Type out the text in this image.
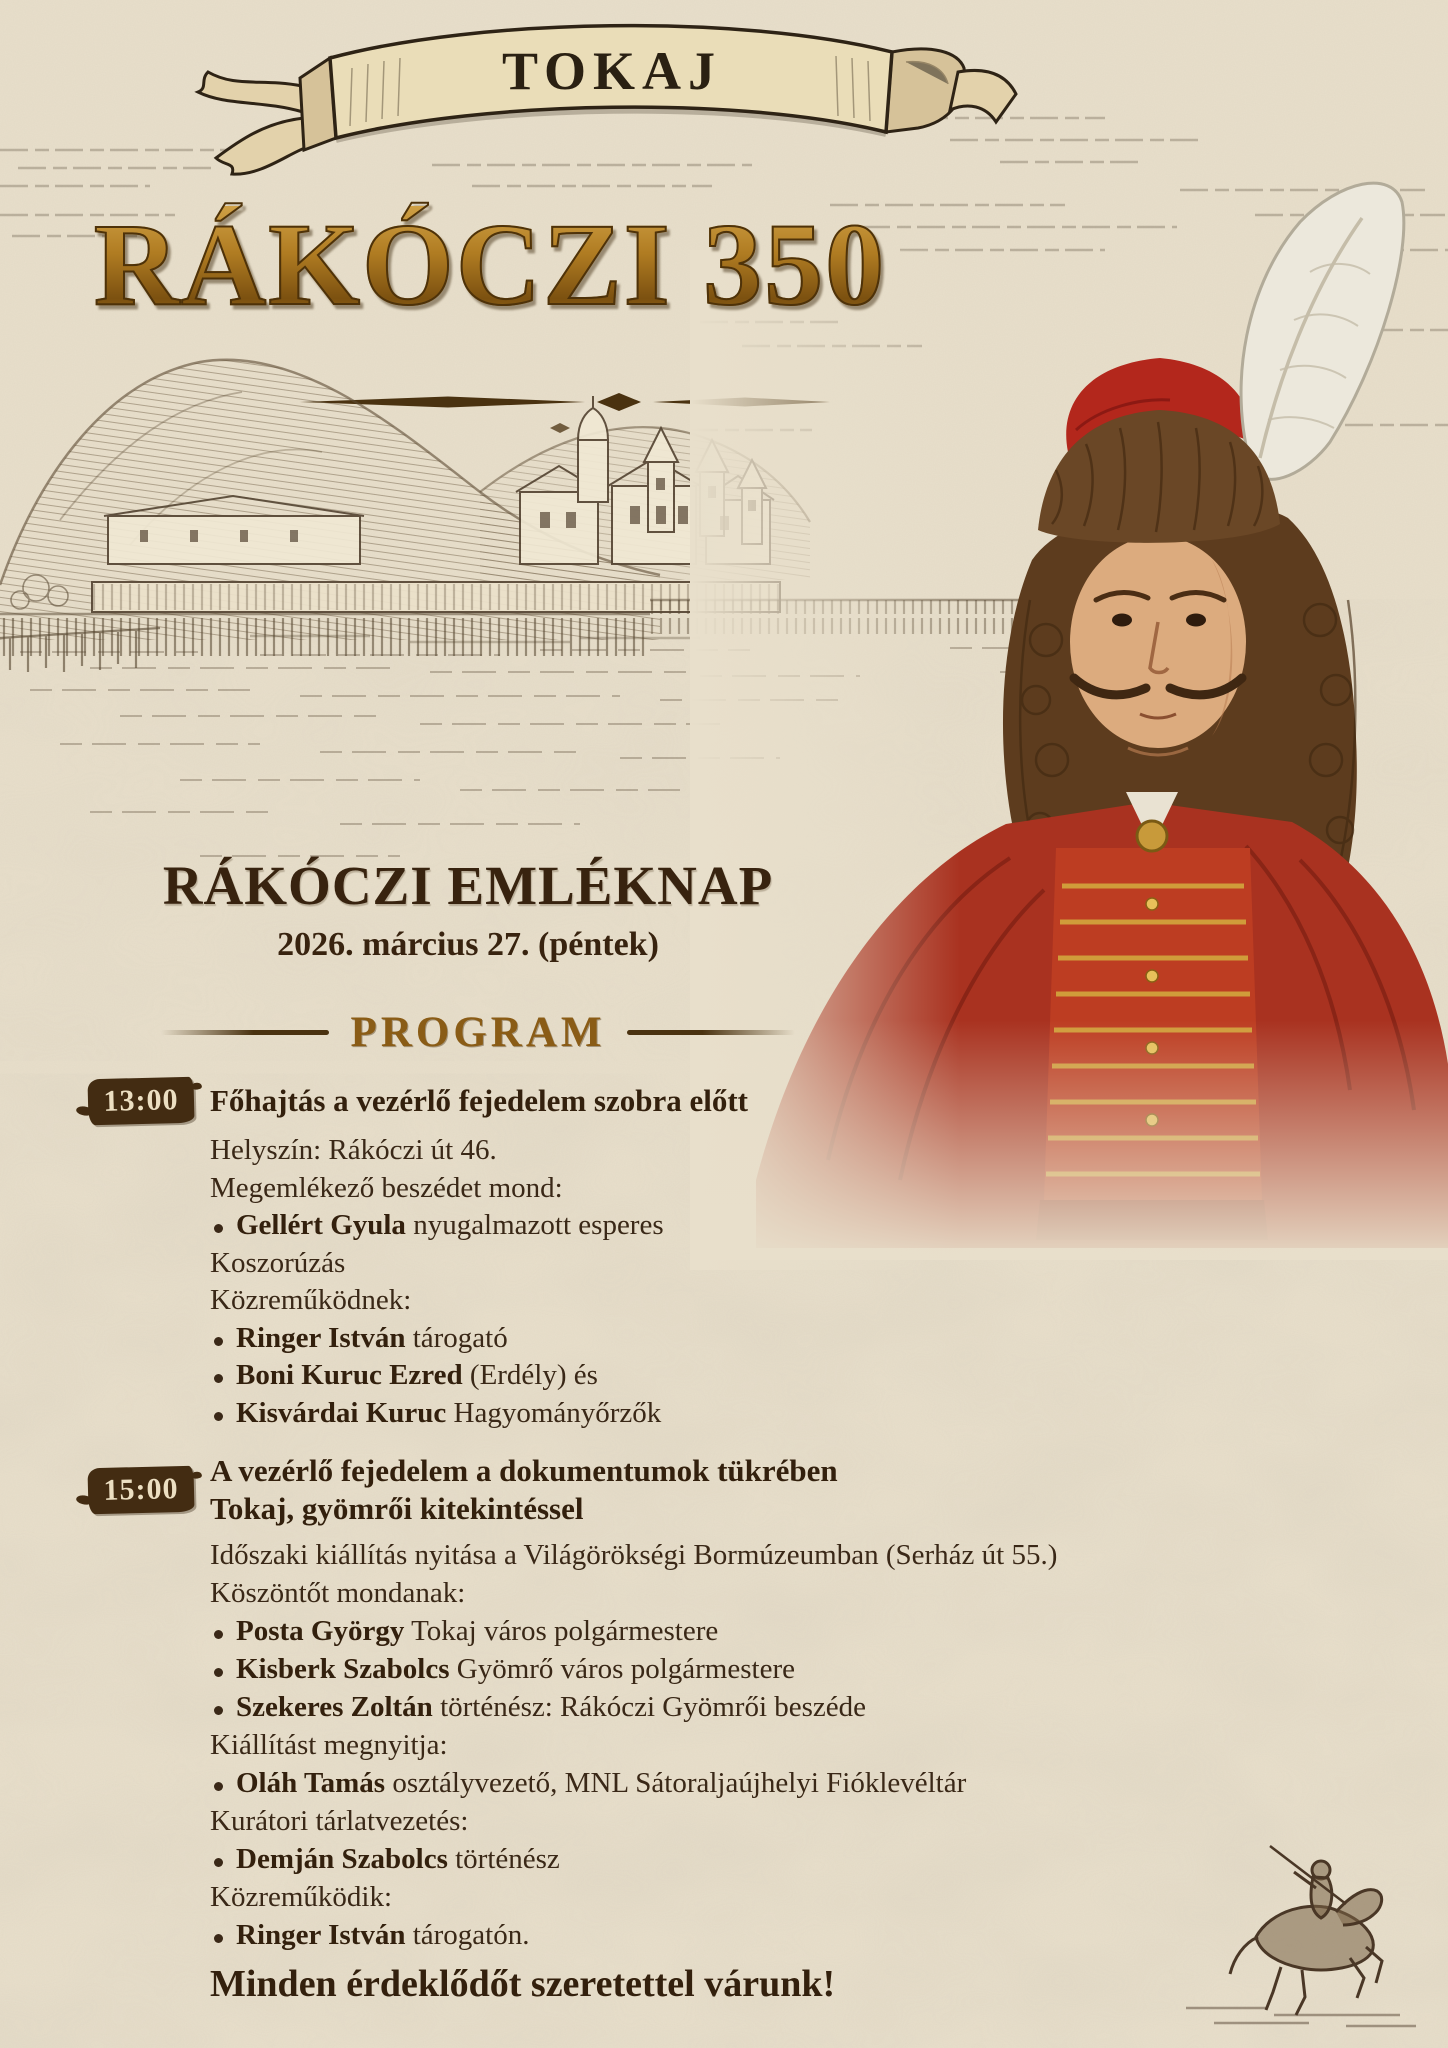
TOKAJ
RÁKÓCZI 350
RÁKÓCZI EMLÉKNAP
2026. március 27. (péntek)
PROGRAM
13:00	Főhajtás a vezérlő fejedelem szobra előtt
Helyszín: Rákóczi út 46.
Megemlékező beszédet mond:
Gellért Gyula nyugalmazott esperes
Koszorúzás
Közreműködnek:
Ringer István tárogató
Boni Kuruc Ezred (Erdély) és
Kisvárdai Kuruc Hagyományőrzők
15:00
A vezérlő fejedelem a dokumentumok tükrében
Tokaj, gyömrői kitekintéssel
Időszaki kiállítás nyitása a Világörökségi Bormúzeumban (Serház út 55.)
Köszöntőt mondanak:
Posta György Tokaj város polgármestere
Kisberk Szabolcs Gyömrő város polgármestere
Szekeres Zoltán történész: Rákóczi Gyömrői beszéde
Kiállítást megnyitja:
Oláh Tamás osztályvezető, MNL Sátoraljaújhelyi Fióklevéltár
Kurátori tárlatvezetés:
Demján Szabolcs történész
Közreműködik:
Ringer István tárogatón.
Minden érdeklődőt szeretettel várunk!
